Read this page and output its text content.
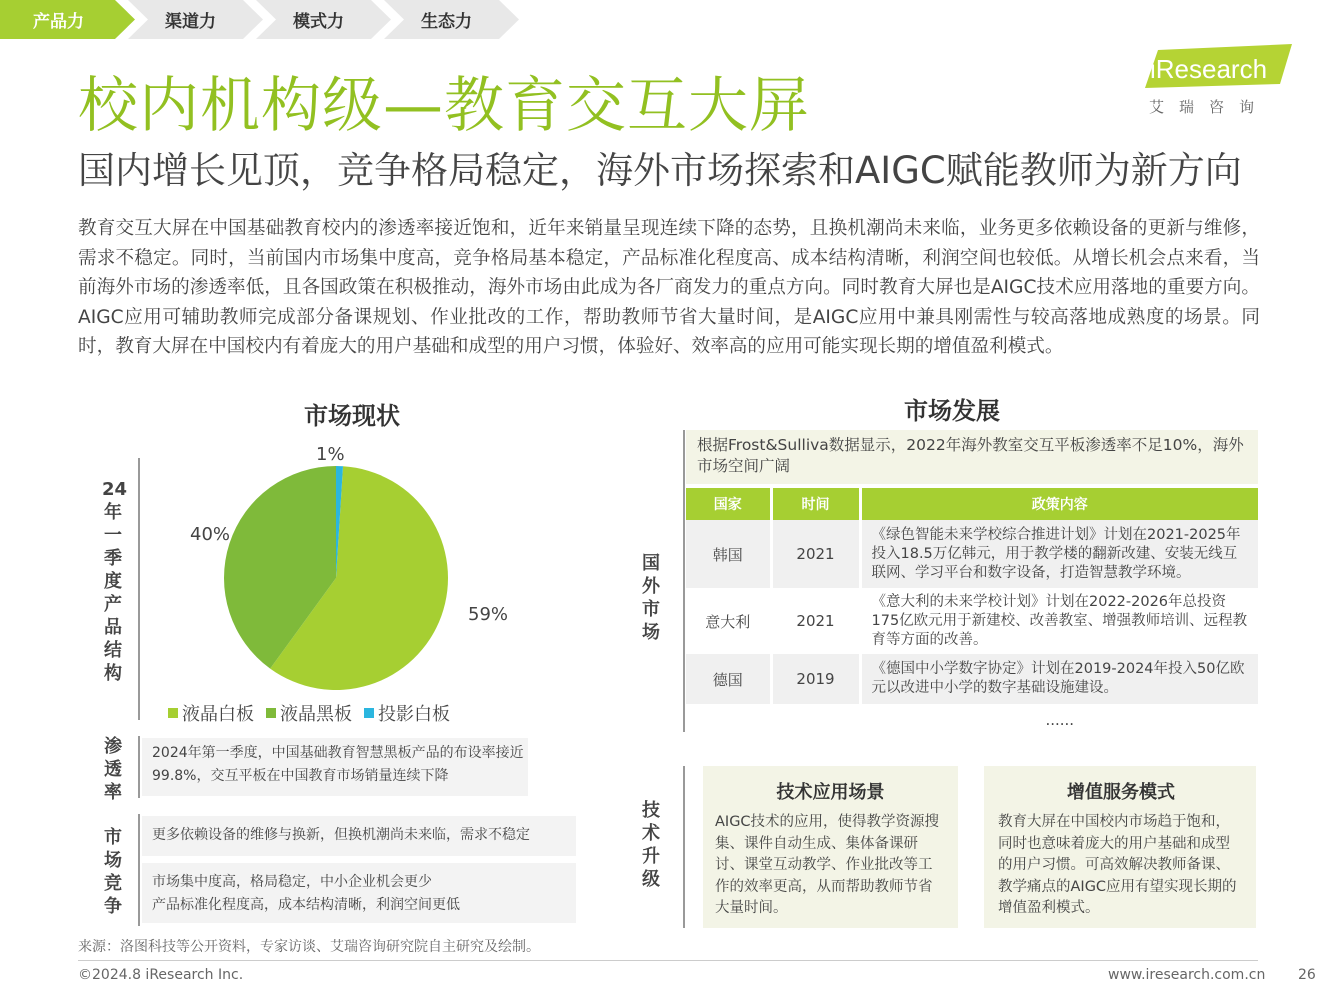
产品力	渠道力	模式力	生态力
iResearch
艾瑞咨询
校内机构级—教育交互大屏
国内增长见顶，竞争格局稳定，海外市场探索和AIGC赋能教师为新方向
教育交互大屏在中国基础教育校内的渗透率接近饱和，近年来销量呈现连续下降的态势，且换机潮尚未来临，业务更多依赖设备的更新与维修，需求不稳定。同时，当前国内市场集中度高，竞争格局基本稳定，产品标准化程度高、成本结构清晰，利润空间也较低。从增长机会点来看，当前海外市场的渗透率低，且各国政策在积极推动，海外市场由此成为各厂商发力的重点方向。同时教育大屏也是AIGC技术应用落地的重要方向。AIGC应用可辅助教师完成部分备课规划、作业批改的工作，帮助教师节省大量时间，是AIGC应用中兼具刚需性与较高落地成熟度的场景。同时，教育大屏在中国校内有着庞大的用户基础和成型的用户习惯，体验好、效率高的应用可能实现长期的增值盈利模式。
市场现状
24年一季度产品结构
59%
40%
1%
液晶白板 液晶黑板 投影白板
渗透率
2024年第一季度，中国基础教育智慧黑板产品的布设率接近99.8%，交互平板在中国教育市场销量连续下降
市场竞争
更多依赖设备的维修与换新，但换机潮尚未来临，需求不稳定
市场集中度高，格局稳定，中小企业机会更少
产品标准化程度高，成本结构清晰，利润空间更低
市场发展
国外市场
根据Frost&Sulliva数据显示，2022年海外教室交互平板渗透率不足10%，海外市场空间广阔
国家	时间	政策内容
韩国	2021	《绿色智能未来学校综合推进计划》计划在2021-2025年投入18.5万亿韩元，用于教学楼的翻新改建、安装无线互联网、学习平台和数字设备，打造智慧教学环境。
意大利	2021	《意大利的未来学校计划》计划在2022-2026年总投资175亿欧元用于新建校、改善教室、增强教师培训、远程教育等方面的改善。
德国	2019	《德国中小学数字协定》计划在2019-2024年投入50亿欧元以改进中小学的数字基础设施建设。
		......
技术升级
技术应用场景
AIGC技术的应用，使得教学资源搜集、课件自动生成、集体备课研讨、课堂互动教学、作业批改等工作的效率更高，从而帮助教师节省大量时间。
增值服务模式
教育大屏在中国校内市场趋于饱和，同时也意味着庞大的用户基础和成型的用户习惯。可高效解决教师备课、教学痛点的AIGC应用有望实现长期的增值盈利模式。
来源：洛图科技等公开资料，专家访谈、艾瑞咨询研究院自主研究及绘制。
©2024.8 iResearch Inc.	www.iresearch.com.cn 26
